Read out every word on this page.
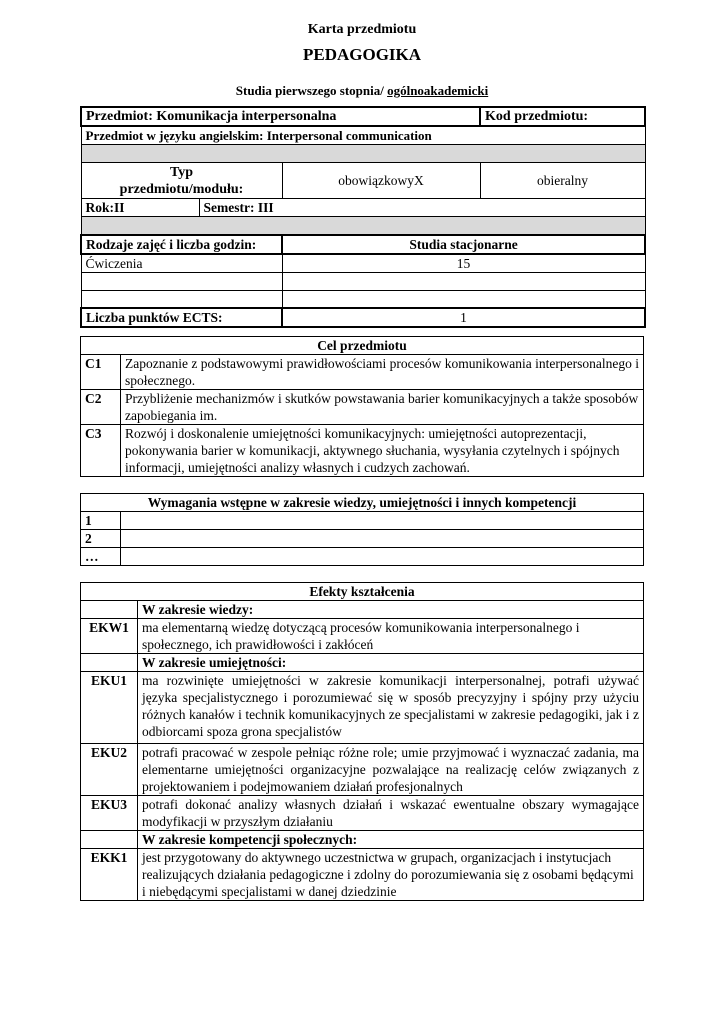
Karta przedmiotu
PEDAGOGIKA
Studia pierwszego stopnia/ ogólnoakademicki
Przedmiot: Komunikacja interpersonalna			Kod przedmiotu:
Przedmiot w języku angielskim: Interpersonal communication			

Typ przedmiotu/modułu:		obowiązkowyX	obieralny
Rok:II	Semestr: III		

Rodzaje zajęć i liczba godzin:		Studia stacjonarne	
Ćwiczenia		15	

Liczba punktów ECTS:		1	
Cel przedmiotu	
C1	Zapoznanie z podstawowymi prawidłowościami procesów komunikowania interpersonalnego i społecznego.
C2	Przybliżenie mechanizmów i skutków powstawania barier komunikacyjnych a także sposobów zapobiegania im.
C3	Rozwój i doskonalenie umiejętności komunikacyjnych: umiejętności autoprezentacji, pokonywania barier w komunikacji, aktywnego słuchania, wysyłania czytelnych i spójnych informacji, umiejętności analizy własnych i cudzych zachowań.
Wymagania wstępne w zakresie wiedzy, umiejętności i innych kompetencji	
1	
2	
…	
Efekty kształcenia	
	W zakresie wiedzy:
EKW1	ma elementarną wiedzę dotyczącą procesów komunikowania interpersonalnego i społecznego, ich prawidłowości i zakłóceń
	W zakresie umiejętności:
EKU1	ma rozwinięte umiejętności w zakresie komunikacji interpersonalnej, potrafi używać języka specjalistycznego i porozumiewać się w sposób precyzyjny i spójny przy użyciu różnych kanałów i technik komunikacyjnych ze specjalistami w zakresie pedagogiki, jak i z odbiorcami spoza grona specjalistów
EKU2	potrafi pracować w zespole pełniąc różne role; umie przyjmować i wyznaczać zadania, ma elementarne umiejętności organizacyjne pozwalające na realizację celów związanych z projektowaniem i podejmowaniem działań profesjonalnych
EKU3	potrafi dokonać analizy własnych działań i wskazać ewentualne obszary wymagające modyfikacji w przyszłym działaniu
	W zakresie kompetencji społecznych:
EKK1	jest przygotowany do aktywnego uczestnictwa w grupach, organizacjach i instytucjach realizujących działania pedagogiczne i zdolny do porozumiewania się z osobami będącymi i niebędącymi specjalistami w danej dziedzinie
